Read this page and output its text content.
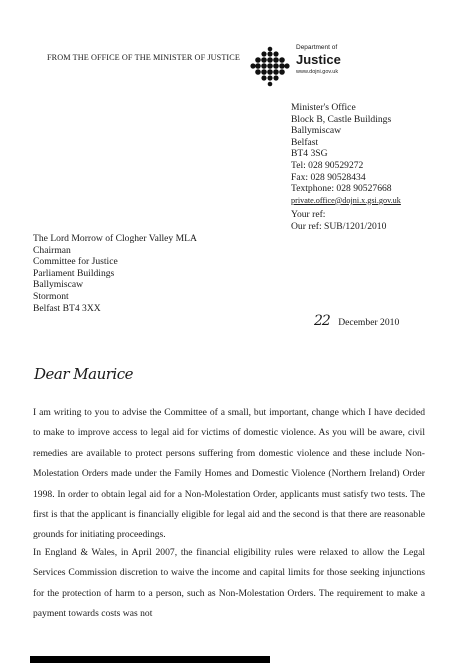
FROM THE OFFICE OF THE MINISTER OF JUSTICE
Department of
Justice
www.dojni.gov.uk
Minister's Office
Block B, Castle Buildings
Ballymiscaw
Belfast
BT4 3SG
Tel: 028 90529272
Fax: 028 90528434
Textphone: 028 90527668
private.office@dojni.x.gsi.gov.uk
Your ref:
Our ref: SUB/1201/2010
The Lord Morrow of Clogher Valley MLA
Chairman
Committee for Justice
Parliament Buildings
Ballymiscaw
Stormont
Belfast BT4 3XX
22 December 2010
Dear Maurice
I am writing to you to advise the Committee of a small, but important, change which I have decided to make to improve access to legal aid for victims of domestic violence. As you will be aware, civil remedies are available to protect persons suffering from domestic violence and these include Non-Molestation Orders made under the Family Homes and Domestic Violence (Northern Ireland) Order 1998. In order to obtain legal aid for a Non-Molestation Order, applicants must satisfy two tests. The first is that the applicant is financially eligible for legal aid and the second is that there are reasonable grounds for initiating proceedings.
In England & Wales, in April 2007, the financial eligibility rules were relaxed to allow the Legal Services Commission discretion to waive the income and capital limits for those seeking injunctions for the protection of harm to a person, such as Non-Molestation Orders. The requirement to make a payment towards costs was not
